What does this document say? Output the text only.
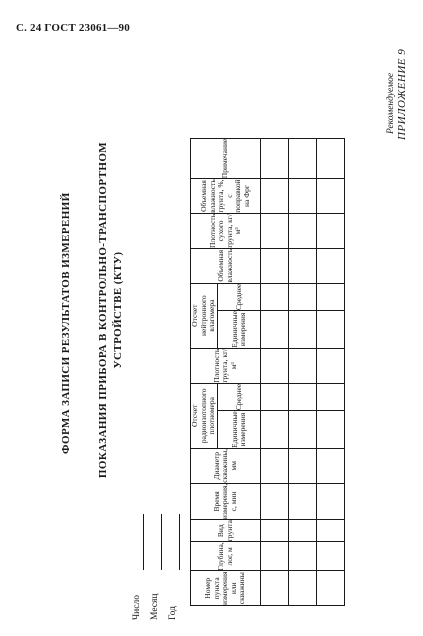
С. 24 ГОСТ 23061—90
ПРИЛОЖЕНИЕ 9
Рекомендуемое
ФОРМА ЗАПИСИ РЕЗУЛЬТАТОВ ИЗМЕРЕНИЙ ПОКАЗАНИЯ ПРИБОРА В КОНТРОЛЬНО-ТРАНСПОРТНОМ УСТРОЙСТВЕ (КТУ)
Число Месяц Год
Номер пункта измерения или скважины	Глубина, лог, м	Вид грунта	Время измерения, с, мин	Диаметр скважины, мм	Отсчет радиоизотопного плотномера		Плотность грунта, кг/м³	Отсчет нейтронного влагомера		Объемная влажность	Плотность сухого грунта, кг/м³	Объемная влажность грунта, %, с поправкой на Фрг	Примечание
					Единичные измерения	Среднее		Единичные измерения	Среднее				
